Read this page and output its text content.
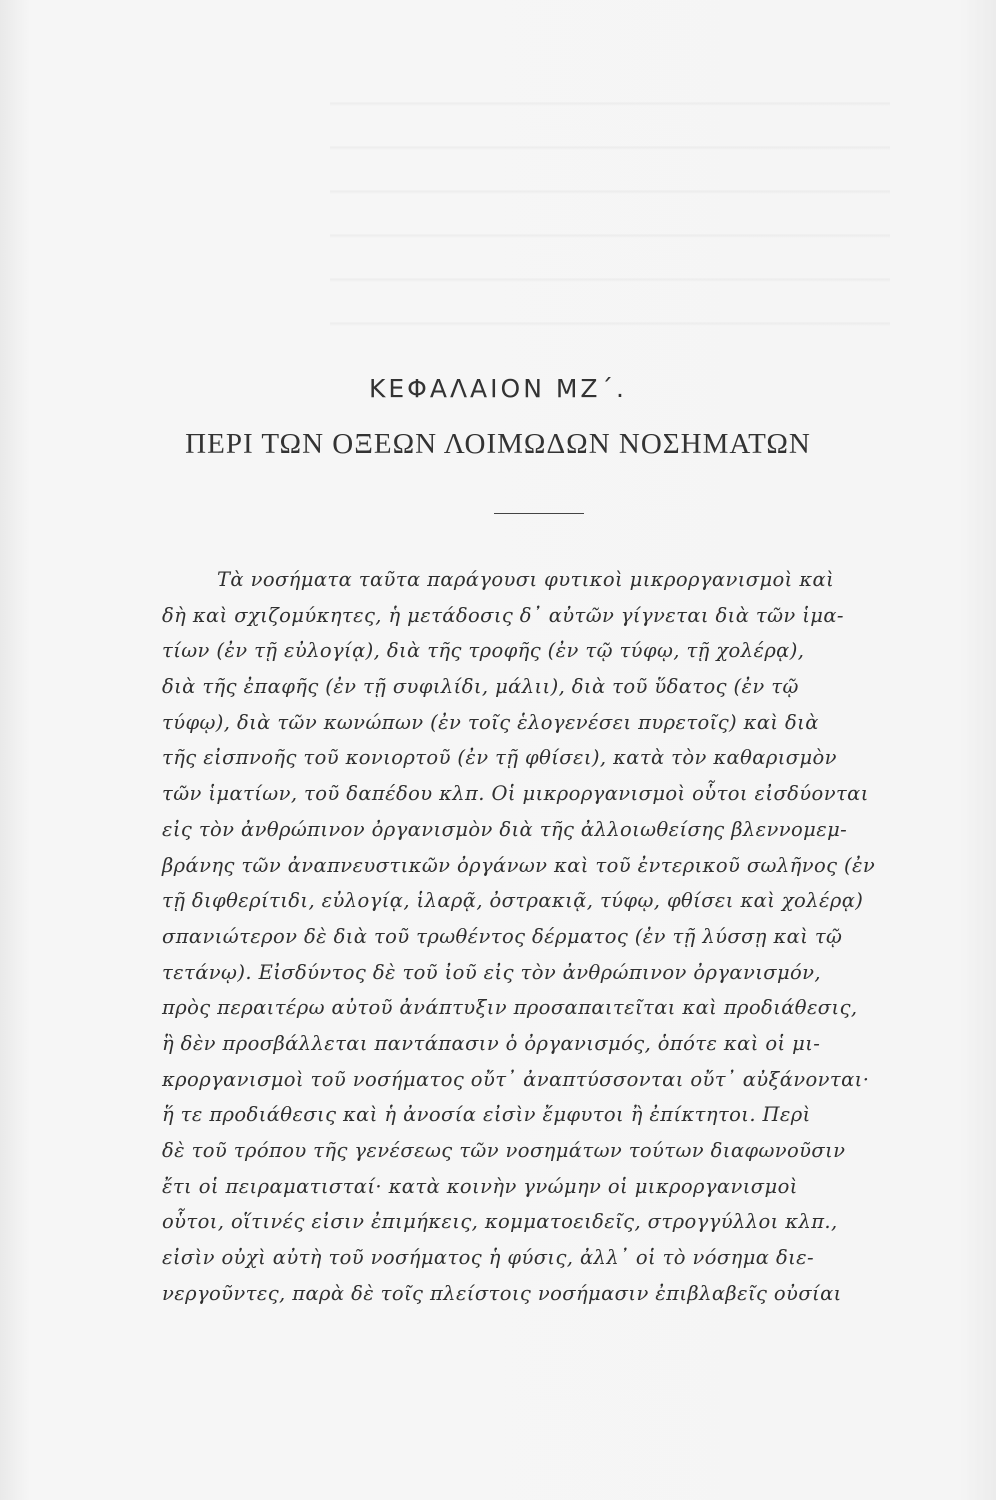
ΚΕΦΑΛΑΙΟΝ ΜΖ΄.
ΠΕΡΙ ΤΩΝ ΟΞΕΩΝ ΛΟΙΜΩΔΩΝ ΝΟΣΗΜΑΤΩΝ
Τὰ νοσήματα ταῦτα παράγουσι φυτικοὶ μικροργανισμοὶ καὶ
δὴ καὶ σχιζομύκητες, ἡ μετάδοσις δ᾽ αὐτῶν γίγνεται διὰ τῶν ἱμα-
τίων (ἐν τῇ εὐλογίᾳ), διὰ τῆς τροφῆς (ἐν τῷ τύφῳ, τῇ χολέρᾳ),
διὰ τῆς ἐπαφῆς (ἐν τῇ συφιλίδι, μάλιι), διὰ τοῦ ὕδατος (ἐν τῷ
τύφῳ), διὰ τῶν κωνώπων (ἐν τοῖς ἑλογενέσει πυρετοῖς) καὶ διὰ
τῆς εἰσπνοῆς τοῦ κονιορτοῦ (ἐν τῇ φθίσει), κατὰ τὸν καθαρισμὸν
τῶν ἱματίων, τοῦ δαπέδου κλπ. Οἱ μικροργανισμοὶ οὗτοι εἰσδύονται
εἰς τὸν ἀνθρώπινον ὀργανισμὸν διὰ τῆς ἀλλοιωθείσης βλεννομεμ-
βράνης τῶν ἀναπνευστικῶν ὀργάνων καὶ τοῦ ἐντερικοῦ σωλῆνος (ἐν
τῇ διφθερίτιδι, εὐλογίᾳ, ἱλαρᾷ, ὀστρακιᾷ, τύφῳ, φθίσει καὶ χολέρᾳ)
σπανιώτερον δὲ διὰ τοῦ τρωθέντος δέρματος (ἐν τῇ λύσσῃ καὶ τῷ
τετάνῳ). Εἰσδύντος δὲ τοῦ ἰοῦ εἰς τὸν ἀνθρώπινον ὀργανισμόν,
πρὸς περαιτέρω αὐτοῦ ἀνάπτυξιν προσαπαιτεῖται καὶ προδιάθεσις,
ἣ δὲν προσβάλλεται παντάπασιν ὁ ὀργανισμός, ὁπότε καὶ οἱ μι-
κροργανισμοὶ τοῦ νοσήματος οὔτ᾽ ἀναπτύσσονται οὔτ᾽ αὐξάνονται·
ἥ τε προδιάθεσις καὶ ἡ ἀνοσία εἰσὶν ἔμφυτοι ἢ ἐπίκτητοι. Περὶ
δὲ τοῦ τρόπου τῆς γενέσεως τῶν νοσημάτων τούτων διαφωνοῦσιν
ἔτι οἱ πειραματισταί· κατὰ κοινὴν γνώμην οἱ μικροργανισμοὶ
οὗτοι, οἵτινές εἰσιν ἐπιμήκεις, κομματοειδεῖς, στρογγύλλοι κλπ.,
εἰσὶν οὐχὶ αὐτὴ τοῦ νοσήματος ἡ φύσις, ἀλλ᾽ οἱ τὸ νόσημα διε-
νεργοῦντες, παρὰ δὲ τοῖς πλείστοις νοσήμασιν ἐπιβλαβεῖς οὐσίαι
